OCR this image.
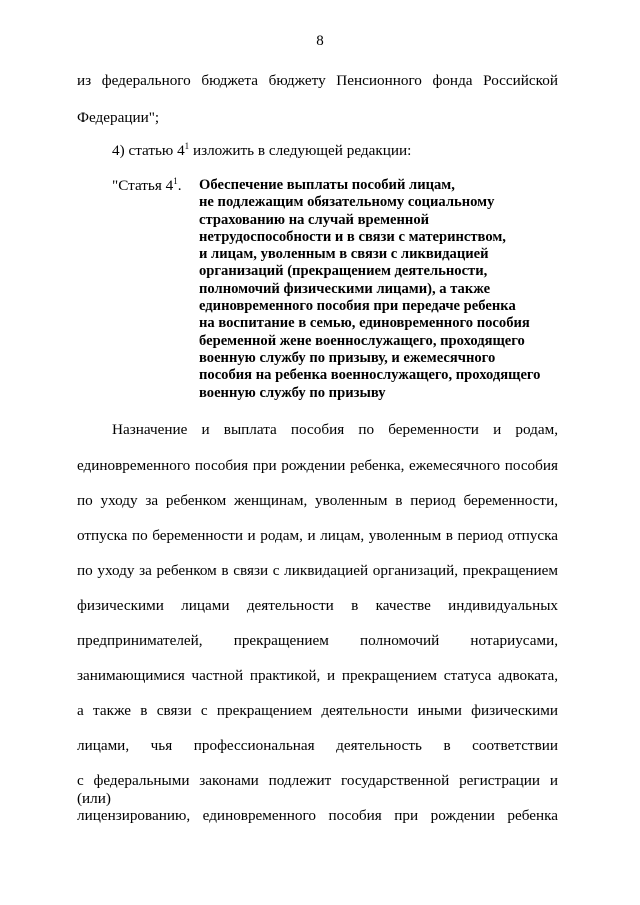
8
из федерального бюджета бюджету Пенсионного фонда Российской
Федерации";
4) статью $4^1$ изложить в следующей редакции:
"Статья $4^1$. Обеспечение выплаты пособий лицам,
не подлежащим обязательному социальному
страхованию на случай временной
нетрудоспособности и в связи с материнством,
и лицам, уволенным в связи с ликвидацией
организаций (прекращением деятельности,
полномочий физическими лицами), а также
единовременного пособия при передаче ребенка
на воспитание в семью, единовременного пособия
беременной жене военнослужащего, проходящего
военную службу по призыву, и ежемесячного
пособия на ребенка военнослужащего, проходящего
военную службу по призыву
Назначение и выплата пособия по беременности и родам,
единовременного пособия при рождении ребенка, ежемесячного пособия
по уходу за ребенком женщинам, уволенным в период беременности,
отпуска по беременности и родам, и лицам, уволенным в период отпуска
по уходу за ребенком в связи с ликвидацией организаций, прекращением
физическими лицами деятельности в качестве индивидуальных
предпринимателей, прекращением полномочий нотариусами,
занимающимися частной практикой, и прекращением статуса адвоката,
а также в связи с прекращением деятельности иными физическими
лицами, чья профессиональная деятельность в соответствии
с федеральными законами подлежит государственной регистрации и (или)
лицензированию, единовременного пособия при рождении ребенка
